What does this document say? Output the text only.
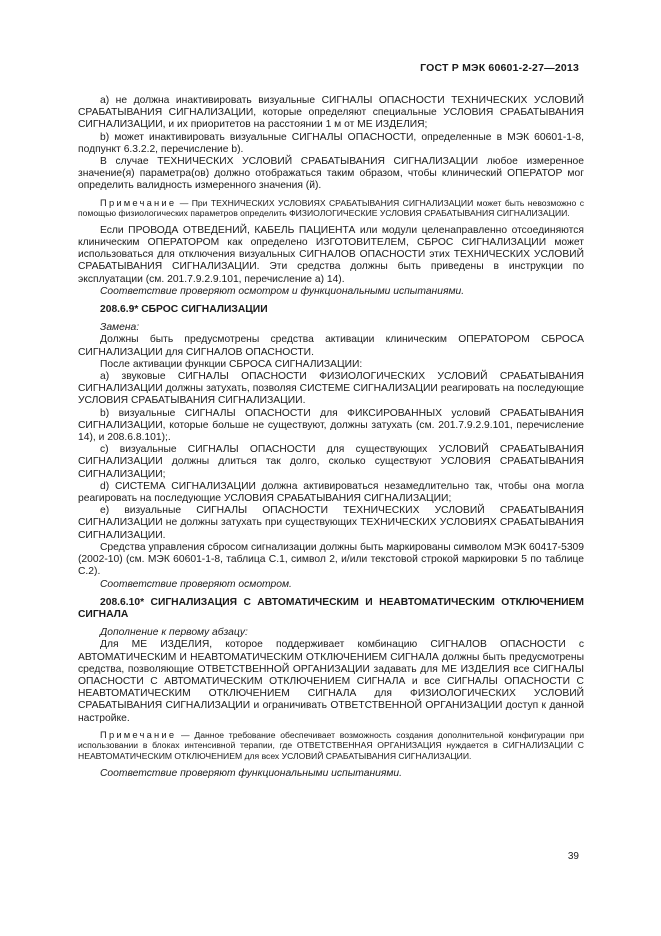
ГОСТ Р МЭК 60601-2-27—2013

а) не должна инактивировать визуальные СИГНАЛЫ ОПАСНОСТИ ТЕХНИЧЕСКИХ УСЛОВИЙ СРАБАТЫВАНИЯ СИГНАЛИЗАЦИИ, которые определяют специальные УСЛОВИЯ СРАБАТЫВАНИЯ СИГНАЛИЗАЦИИ, и их приоритетов на расстоянии 1 м от МЕ ИЗДЕЛИЯ;

b) может инактивировать визуальные СИГНАЛЫ ОПАСНОСТИ, определенные в МЭК 60601-1-8, подпункт 6.3.2.2, перечисление b).

В случае ТЕХНИЧЕСКИХ УСЛОВИЙ СРАБАТЫВАНИЯ СИГНАЛИЗАЦИИ любое измеренное значение(я) параметра(ов) должно отображаться таким образом, чтобы клинический ОПЕРАТОР мог определить валидность измеренного значения (й).

Примечание — При ТЕХНИЧЕСКИХ УСЛОВИЯХ СРАБАТЫВАНИЯ СИГНАЛИЗАЦИИ может быть невозможно с помощью физиологических параметров определить ФИЗИОЛОГИЧЕСКИЕ УСЛОВИЯ СРАБАТЫВАНИЯ СИГНАЛИЗАЦИИ.

Если ПРОВОДА ОТВЕДЕНИЙ, КАБЕЛЬ ПАЦИЕНТА или модули целенаправленно отсоединяются клиническим ОПЕРАТОРОМ как определено ИЗГОТОВИТЕЛЕМ, СБРОС СИГНАЛИЗАЦИИ может использоваться для отключения визуальных СИГНАЛОВ ОПАСНОСТИ этих ТЕХНИЧЕСКИХ УСЛОВИЙ СРАБАТЫВАНИЯ СИГНАЛИЗАЦИИ. Эти средства должны быть приведены в инструкции по эксплуатации (см. 201.7.9.2.9.101, перечисление а) 14).

Соответствие проверяют осмотром и функциональными испытаниями.

208.6.9* СБРОС СИГНАЛИЗАЦИИ

Замена:

Должны быть предусмотрены средства активации клиническим ОПЕРАТОРОМ СБРОСА СИГНАЛИЗАЦИИ для СИГНАЛОВ ОПАСНОСТИ.

После активации функции СБРОСА СИГНАЛИЗАЦИИ:

а) звуковые СИГНАЛЫ ОПАСНОСТИ ФИЗИОЛОГИЧЕСКИХ УСЛОВИЙ СРАБАТЫВАНИЯ СИГНАЛИЗАЦИИ должны затухать, позволяя СИСТЕМЕ СИГНАЛИЗАЦИИ реагировать на последующие УСЛОВИЯ СРАБАТЫВАНИЯ СИГНАЛИЗАЦИИ.

b) визуальные СИГНАЛЫ ОПАСНОСТИ для ФИКСИРОВАННЫХ условий СРАБАТЫВАНИЯ СИГНАЛИЗАЦИИ, которые больше не существуют, должны затухать (см. 201.7.9.2.9.101, перечисление 14), и 208.6.8.101);.

с) визуальные СИГНАЛЫ ОПАСНОСТИ для существующих УСЛОВИЙ СРАБАТЫВАНИЯ СИГНАЛИЗАЦИИ должны длиться так долго, сколько существуют УСЛОВИЯ СРАБАТЫВАНИЯ СИГНАЛИЗАЦИИ;

d) СИСТЕМА СИГНАЛИЗАЦИИ должна активироваться незамедлительно так, чтобы она могла реагировать на последующие УСЛОВИЯ СРАБАТЫВАНИЯ СИГНАЛИЗАЦИИ;

е) визуальные СИГНАЛЫ ОПАСНОСТИ ТЕХНИЧЕСКИХ УСЛОВИЙ СРАБАТЫВАНИЯ СИГНАЛИЗАЦИИ не должны затухать при существующих ТЕХНИЧЕСКИХ УСЛОВИЯХ СРАБАТЫВАНИЯ СИГНАЛИЗАЦИИ.

Средства управления сбросом сигнализации должны быть маркированы символом МЭК 60417-5309 (2002-10) (см. МЭК 60601-1-8, таблица С.1, символ 2, и/или текстовой строкой маркировки 5 по таблице С.2).

Соответствие проверяют осмотром.

208.6.10* СИГНАЛИЗАЦИЯ С АВТОМАТИЧЕСКИМ И НЕАВТОМАТИЧЕСКИМ ОТКЛЮЧЕНИЕМ СИГНАЛА

Дополнение к первому абзацу:

Для МЕ ИЗДЕЛИЯ, которое поддерживает комбинацию СИГНАЛОВ ОПАСНОСТИ с АВТОМАТИЧЕСКИМ И НЕАВТОМАТИЧЕСКИМ ОТКЛЮЧЕНИЕМ СИГНАЛА должны быть предусмотрены средства, позволяющие ОТВЕТСТВЕННОЙ ОРГАНИЗАЦИИ задавать для МЕ ИЗДЕЛИЯ все СИГНАЛЫ ОПАСНОСТИ С АВТОМАТИЧЕСКИМ ОТКЛЮЧЕНИЕМ СИГНАЛА и все СИГНАЛЫ ОПАСНОСТИ С НЕАВТОМАТИЧЕСКИМ ОТКЛЮЧЕНИЕМ СИГНАЛА для ФИЗИОЛОГИЧЕСКИХ УСЛОВИЙ СРАБАТЫВАНИЯ СИГНАЛИЗАЦИИ и ограничивать ОТВЕТСТВЕННОЙ ОРГАНИЗАЦИИ доступ к данной настройке.

Примечание — Данное требование обеспечивает возможность создания дополнительной конфигурации при использовании в блоках интенсивной терапии, где ОТВЕТСТВЕННАЯ ОРГАНИЗАЦИЯ нуждается в СИГНАЛИЗАЦИИ С НЕАВТОМАТИЧЕСКИМ ОТКЛЮЧЕНИЕМ для всех УСЛОВИЙ СРАБАТЫВАНИЯ СИГНАЛИЗАЦИИ.

Соответствие проверяют функциональными испытаниями.

39
